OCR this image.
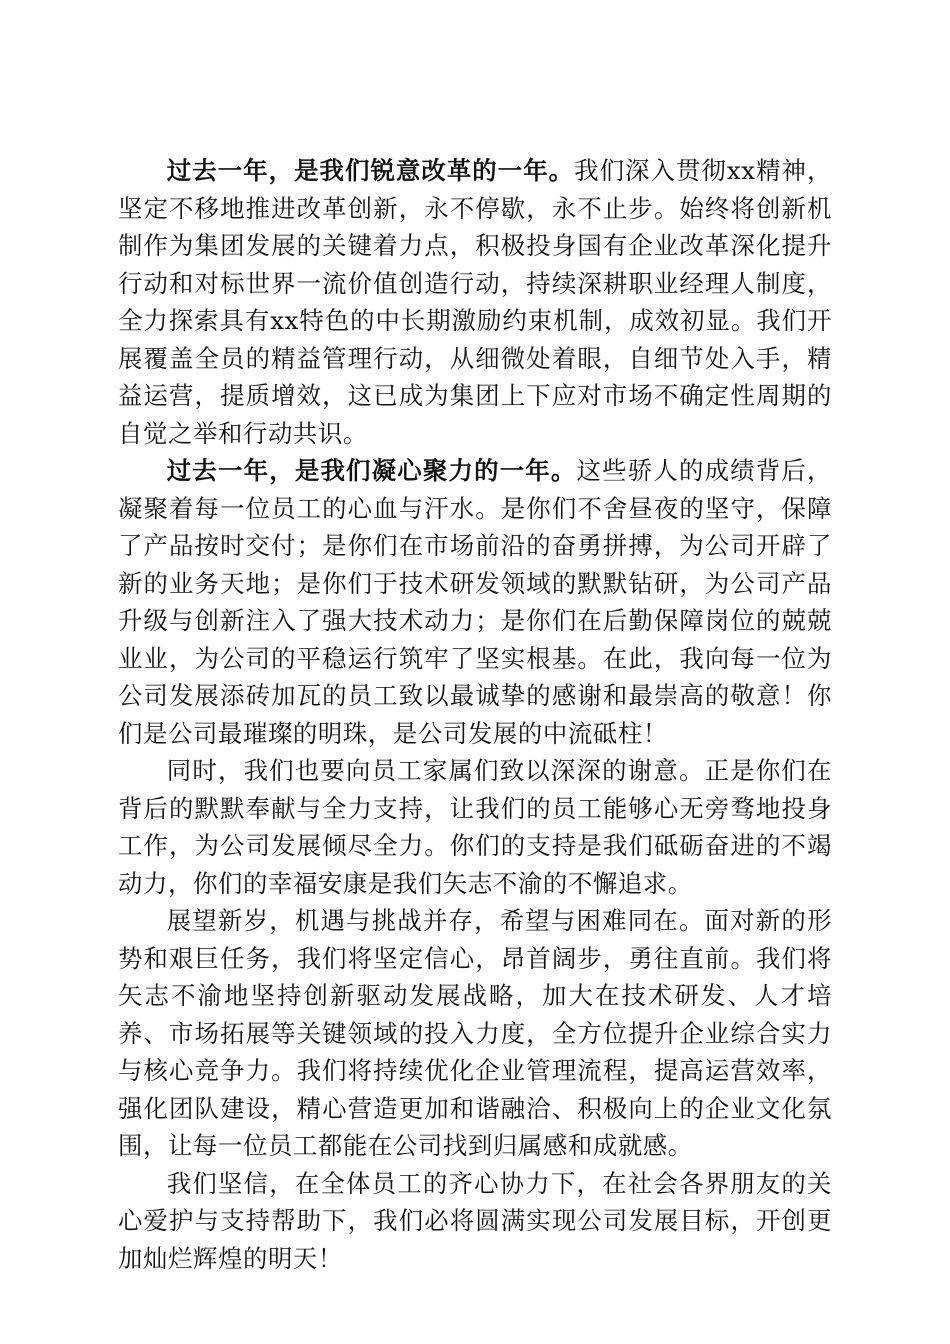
过去一年，是我们锐意改革的一年。我们深入贯彻xx精神，坚定不移地推进改革创新，永不停歇，永不止步。始终将创新机制作为集团发展的关键着力点，积极投身国有企业改革深化提升行动和对标世界一流价值创造行动，持续深耕职业经理人制度，全力探索具有xx特色的中长期激励约束机制，成效初显。我们开展覆盖全员的精益管理行动，从细微处着眼，自细节处入手，精益运营，提质增效，这已成为集团上下应对市场不确定性周期的自觉之举和行动共识。

过去一年，是我们凝心聚力的一年。这些骄人的成绩背后，凝聚着每一位员工的心血与汗水。是你们不舍昼夜的坚守，保障了产品按时交付；是你们在市场前沿的奋勇拼搏，为公司开辟了新的业务天地；是你们于技术研发领域的默默钻研，为公司产品升级与创新注入了强大技术动力；是你们在后勤保障岗位的兢兢业业，为公司的平稳运行筑牢了坚实根基。在此，我向每一位为公司发展添砖加瓦的员工致以最诚挚的感谢和最崇高的敬意！你们是公司最璀璨的明珠，是公司发展的中流砥柱！

同时，我们也要向员工家属们致以深深的谢意。正是你们在背后的默默奉献与全力支持，让我们的员工能够心无旁骛地投身工作，为公司发展倾尽全力。你们的支持是我们砥砺奋进的不竭动力，你们的幸福安康是我们矢志不渝的不懈追求。

展望新岁，机遇与挑战并存，希望与困难同在。面对新的形势和艰巨任务，我们将坚定信心，昂首阔步，勇往直前。我们将矢志不渝地坚持创新驱动发展战略，加大在技术研发、人才培养、市场拓展等关键领域的投入力度，全方位提升企业综合实力与核心竞争力。我们将持续优化企业管理流程，提高运营效率，强化团队建设，精心营造更加和谐融洽、积极向上的企业文化氛围，让每一位员工都能在公司找到归属感和成就感。

我们坚信，在全体员工的齐心协力下，在社会各界朋友的关心爱护与支持帮助下，我们必将圆满实现公司发展目标，开创更加灿烂辉煌的明天！
